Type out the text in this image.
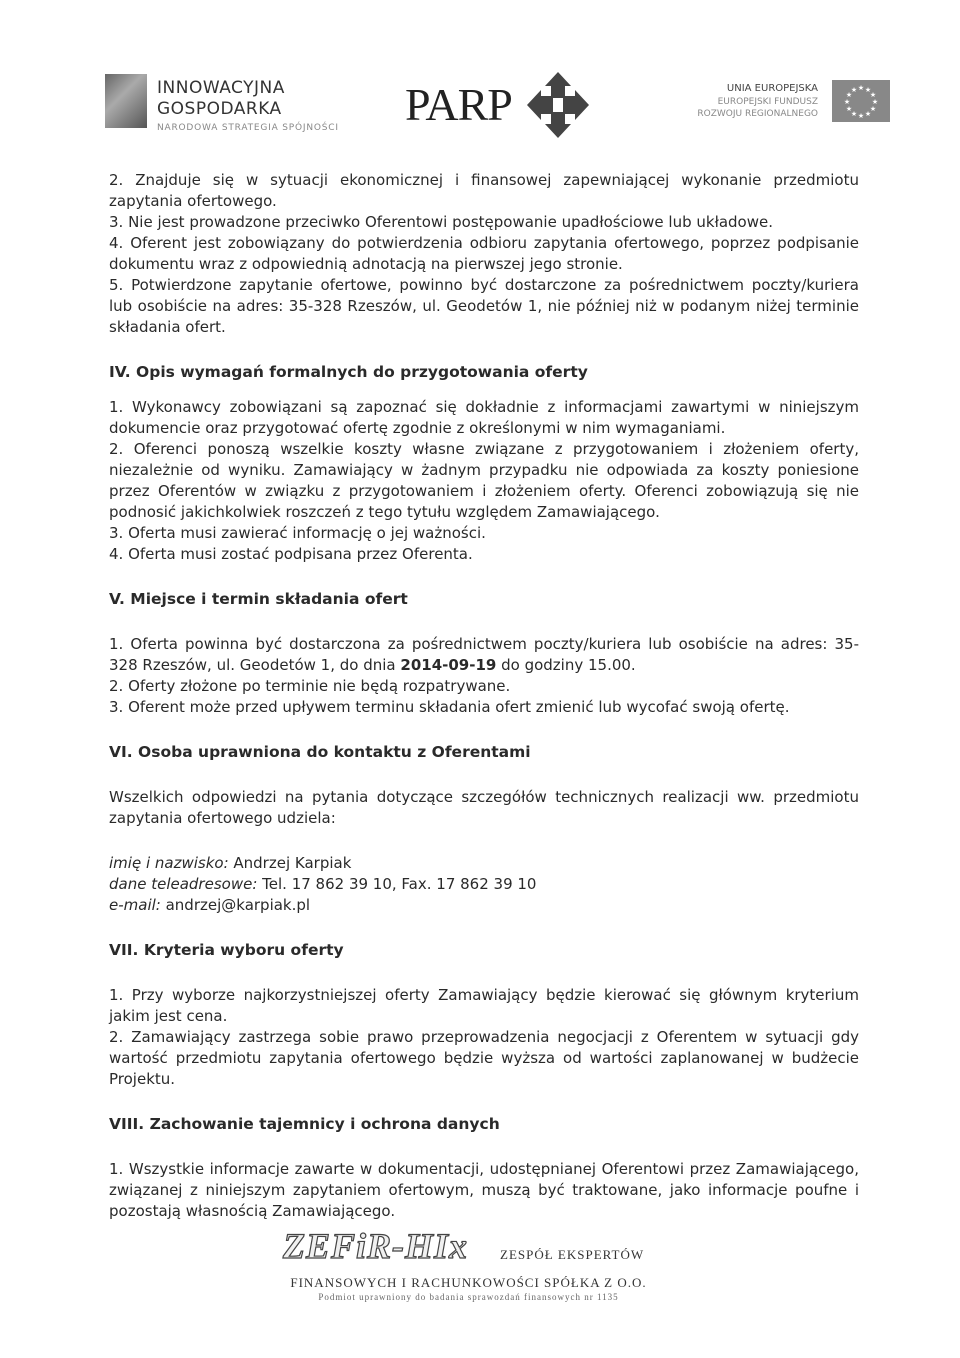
INNOWACYJNA
GOSPODARKA
NARODOWA STRATEGIA SPÓJNOŚCI PARP	UNIA EUROPEJSKA
EUROPEJSKI FUNDUSZ
ROZWOJU REGIONALNEGO
★ ★
★
★
★
★
★
★
★
★
★
★

2. Znajduje się w sytuacji ekonomicznej i finansowej zapewniającej wykonanie przedmiotu zapytania ofertowego.

3. Nie jest prowadzone przeciwko Oferentowi postępowanie upadłościowe lub układowe.

4. Oferent jest zobowiązany do potwierdzenia odbioru zapytania ofertowego, poprzez podpisanie dokumentu wraz z odpowiednią adnotacją na pierwszej jego stronie.

5. Potwierdzone zapytanie ofertowe, powinno być dostarczone za pośrednictwem poczty/kuriera lub osobiście na adres: 35-328 Rzeszów, ul. Geodetów 1, nie później niż w podanym niżej terminie składania ofert.

IV. Opis wymagań formalnych do przygotowania oferty

1. Wykonawcy zobowiązani są zapoznać się dokładnie z informacjami zawartymi w niniejszym dokumencie oraz przygotować ofertę zgodnie z określonymi w nim wymaganiami.

2. Oferenci ponoszą wszelkie koszty własne związane z przygotowaniem i złożeniem oferty, niezależnie od wyniku. Zamawiający w żadnym przypadku nie odpowiada za koszty poniesione przez Oferentów w związku z przygotowaniem i złożeniem oferty. Oferenci zobowiązują się nie podnosić jakichkolwiek roszczeń z tego tytułu względem Zamawiającego.

3. Oferta musi zawierać informację o jej ważności.

4. Oferta musi zostać podpisana przez Oferenta.

V. Miejsce i termin składania ofert

1. Oferta powinna być dostarczona za pośrednictwem poczty/kuriera lub osobiście na adres: 35-328 Rzeszów, ul. Geodetów 1, do dnia 2014-09-19 do godziny 15.00.

2. Oferty złożone po terminie nie będą rozpatrywane.

3. Oferent może przed upływem terminu składania ofert zmienić lub wycofać swoją ofertę.

VI. Osoba uprawniona do kontaktu z Oferentami

Wszelkich odpowiedzi na pytania dotyczące szczegółów technicznych realizacji ww. przedmiotu zapytania ofertowego udziela:

imię i nazwisko: Andrzej Karpiak

dane teleadresowe: Tel. 17 862 39 10, Fax. 17 862 39 10

e-mail: andrzej@karpiak.pl

VII. Kryteria wyboru oferty

1. Przy wyborze najkorzystniejszej oferty Zamawiający będzie kierować się głównym kryterium jakim jest cena.

2. Zamawiający zastrzega sobie prawo przeprowadzenia negocjacji z Oferentem w sytuacji gdy wartość przedmiotu zapytania ofertowego będzie wyższa od wartości zaplanowanej w budżecie Projektu.

VIII. Zachowanie tajemnicy i ochrona danych

1. Wszystkie informacje zawarte w dokumentacji, udostępnianej Oferentowi przez Zamawiającego, związanej z niniejszym zapytaniem ofertowym, muszą być traktowane, jako informacje poufne i pozostają własnością Zamawiającego.

ZEFiR-HIx ZESPÓŁ EKSPERTÓW
FINANSOWYCH I RACHUNKOWOŚCI SPÓŁKA Z O.O.
Podmiot uprawniony do badania sprawozdań finansowych nr 1135
